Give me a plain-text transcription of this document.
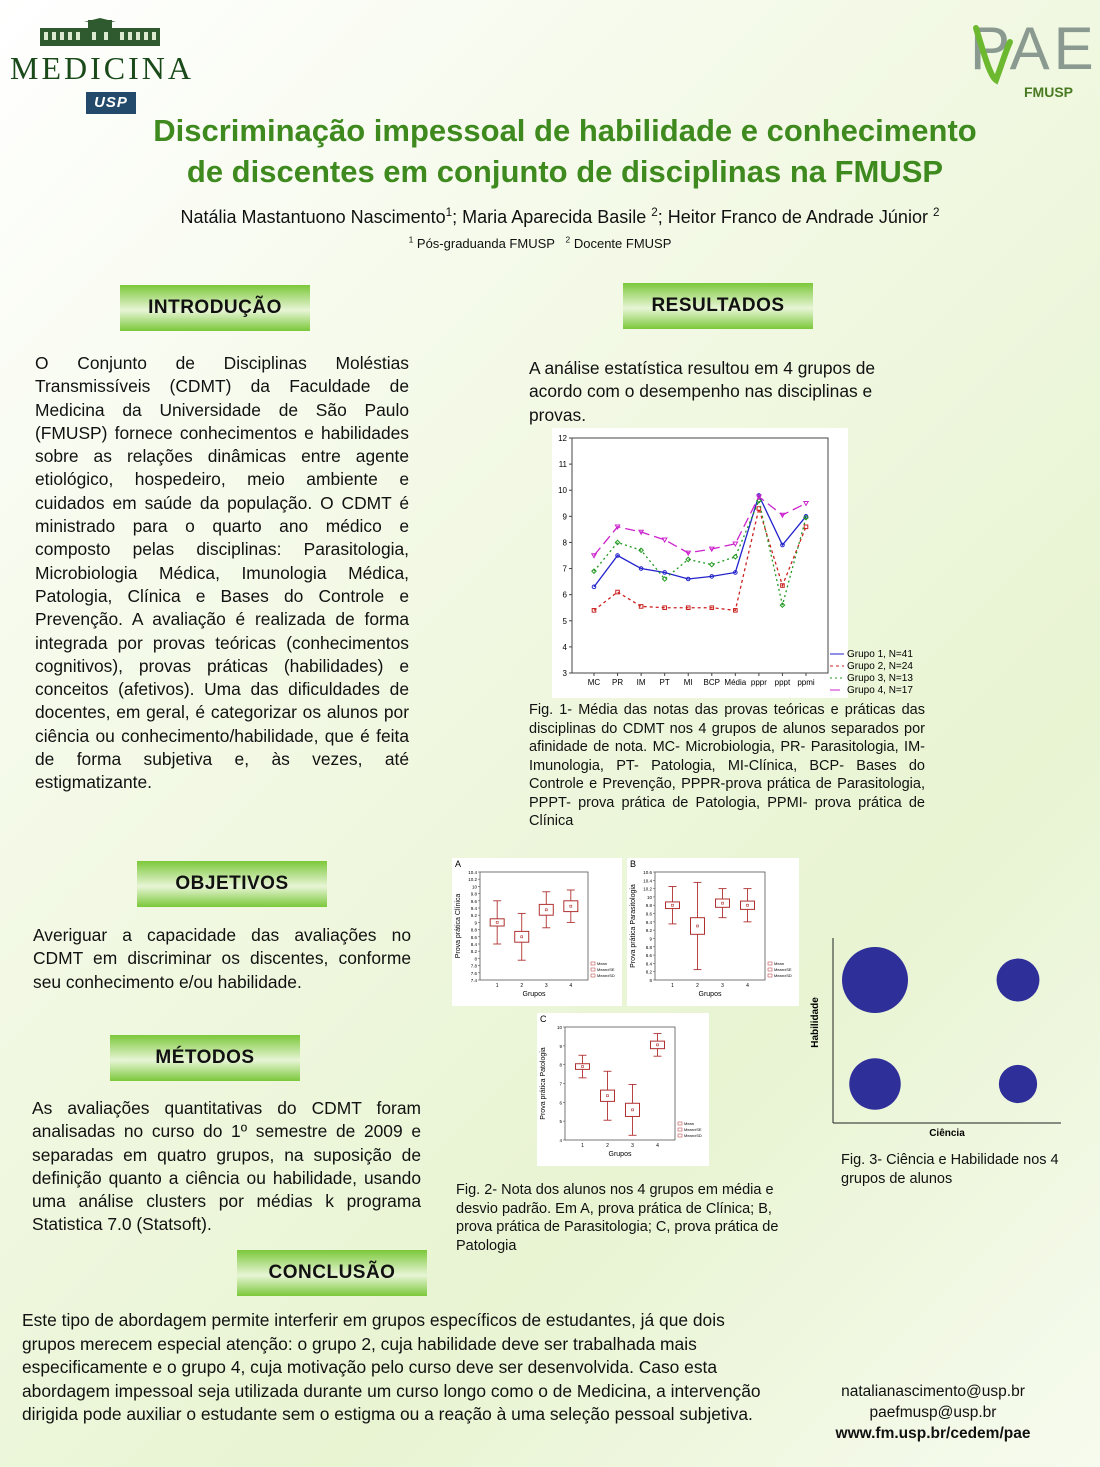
MEDICINA
USP
PAE
FMUSP
Discriminação impessoal de habilidade e conhecimento
de discentes em conjunto de disciplinas na FMUSP
Natália Mastantuono Nascimento$^1$; Maria Aparecida Basile $^2$; Heitor Franco de Andrade Júnior $^2$
$^1$ Pós-graduanda FMUSP   $^2$ Docente FMUSP
INTRODUÇÃO	RESULTADOS
OBJETIVOS
MÉTODOS
CONCLUSÃO
O Conjunto de Disciplinas Moléstias Transmissíveis (CDMT) da Faculdade de Medicina da Universidade de São Paulo (FMUSP) fornece conhecimentos e habilidades sobre as relações dinâmicas entre agente etiológico, hospedeiro, meio ambiente e cuidados em saúde da população. O CDMT é ministrado para o quarto ano médico e composto pelas disciplinas: Parasitologia, Microbiologia Médica, Imunologia Médica, Patologia, Clínica e Bases do Controle e Prevenção. A avaliação é realizada de forma integrada por provas teóricas (conhecimentos cognitivos), provas práticas (habilidades) e conceitos (afetivos). Uma das dificuldades de docentes, em geral, é categorizar os alunos por ciência ou conhecimento/habilidade, que é feita de forma subjetiva e, às vezes, até estigmatizante.
A análise estatística resultou em 4 grupos de acordo com o desempenho nas disciplinas e provas.
Averiguar a capacidade das avaliações no CDMT em discriminar os discentes, conforme seu conhecimento e/ou habilidade.
As avaliações quantitativas do CDMT foram analisadas no curso do 1º semestre de 2009 e separadas em quatro grupos, na suposição de definição quanto a ciência ou habilidade, usando uma análise clusters por médias k programa Statistica 7.0 (Statsoft).
Este tipo de abordagem permite interferir em grupos específicos de estudantes, já que dois grupos merecem especial atenção: o grupo 2, cuja habilidade deve ser trabalhada mais especificamente e o grupo 4, cuja motivação pelo curso deve ser desenvolvida. Caso esta abordagem impessoal seja utilizada durante um curso longo como o de Medicina, a intervenção dirigida pode auxiliar o estudante sem o estigma ou a reação à uma seleção pessoal subjetiva.
Fig. 1- Média das notas das provas teóricas e práticas das disciplinas do CDMT nos 4 grupos de alunos separados por afinidade de nota. MC- Microbiologia, PR- Parasitologia, IM- Imunologia, PT- Patologia, MI-Clínica, BCP- Bases do Controle e Prevenção, PPPR-prova prática de Parasitologia, PPPT- prova prática de Patologia, PPMI- prova prática de Clínica
Fig. 2- Nota dos alunos nos 4 grupos em média e desvio padrão. Em A, prova prática de Clínica; B, prova prática de Parasitologia; C, prova prática de Patologia
Fig. 3- Ciência e Habilidade nos 4 grupos de alunos
natalianascimento@usp.br
paefmusp@usp.br
www.fm.usp.br/cedem/pae
3
4
5
6
7
8
9
10
11
12
MC PR IM PT MI BCP Média pppr pppt ppmi
Grupo 1, N=41
Grupo 2, N=24
Grupo 3, N=13
Grupo 4, N=17
A
7.4
7.6
7.8
8
8.2
8.4
8.6
8.8
9
9.2
9.4
9.6
9.8
10
10.2
10.4
Prova prática Clínica
1	2	3	4
Grupos
Mean
Mean±SE
Mean±SD
B
8
8.2
8.4
8.6
8.8
9
9.2
9.4
9.6
9.8
10
10.2
10.4
10.6
Prova prática Parasitologia
1	2	3	4
Grupos
Mean
Mean±SE
Mean±SD
C
4
5
6
7
8
9
10
Prova prática Patologia
1	2	3	4
Grupos
Mean
Mean±SE
Mean±SD	Ciência
Habilidade
